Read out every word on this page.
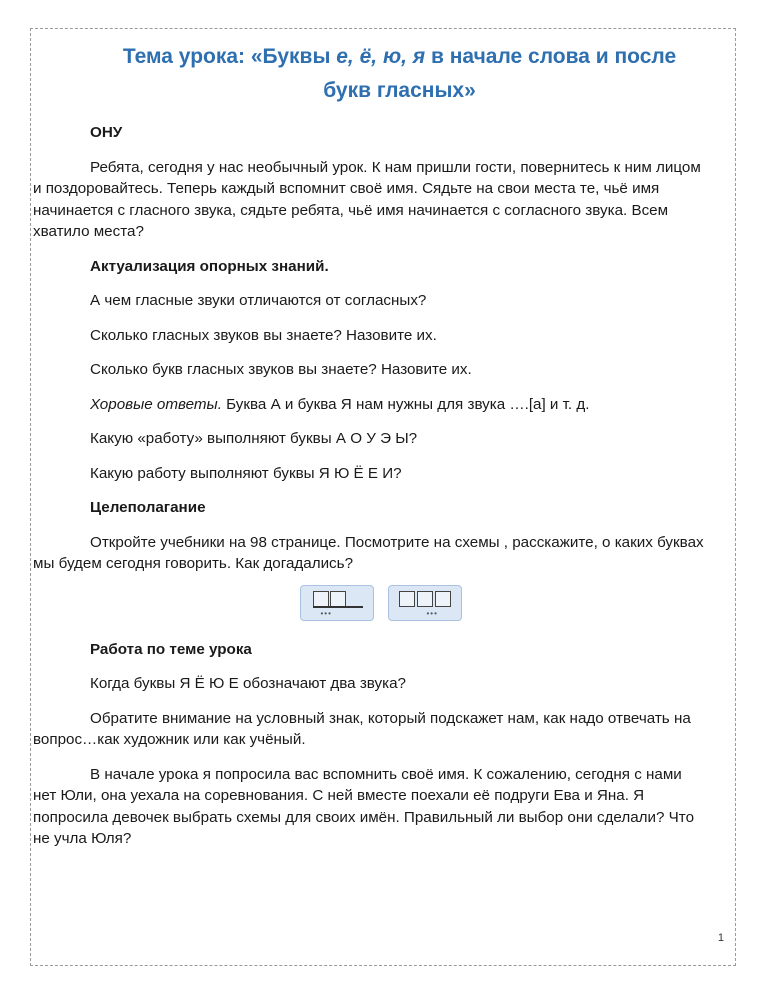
Тема урока: «Буквы е, ё, ю, я в начале слова и после
букв гласных»

ОНУ

Ребята, сегодня у нас необычный урок. К нам пришли гости, повернитесь к ним лицом и поздоровайтесь. Теперь каждый вспомнит своё имя. Сядьте на свои места те, чьё имя начинается с гласного звука, сядьте ребята, чьё имя начинается с согласного звука. Всем хватило места?

Актуализация опорных знаний.

А чем гласные звуки отличаются от согласных?

Сколько гласных звуков вы знаете? Назовите их.

Сколько букв гласных звуков вы знаете? Назовите их.

Хоровые ответы. Буква А и буква Я нам нужны для звука ….[а] и т. д.

Какую «работу» выполняют буквы А О У Э Ы?

Какую работу выполняют буквы Я Ю Ё Е И?

Целеполагание

Откройте учебники на 98 странице. Посмотрите на схемы , расскажите, о каких буквах мы будем сегодня говорить. Как догадались?

•••	•••

Работа по теме урока

Когда буквы Я Ё Ю Е обозначают два звука?

Обратите внимание на условный знак, который подскажет нам, как надо отвечать на вопрос…как художник или как учёный.

В начале урока я попросила вас вспомнить своё имя. К сожалению, сегодня с нами нет Юли, она уехала на соревнования. С ней вместе поехали её подруги Ева и Яна. Я попросила девочек выбрать схемы для своих имён. Правильный ли выбор они сделали? Что не учла Юля?

1
